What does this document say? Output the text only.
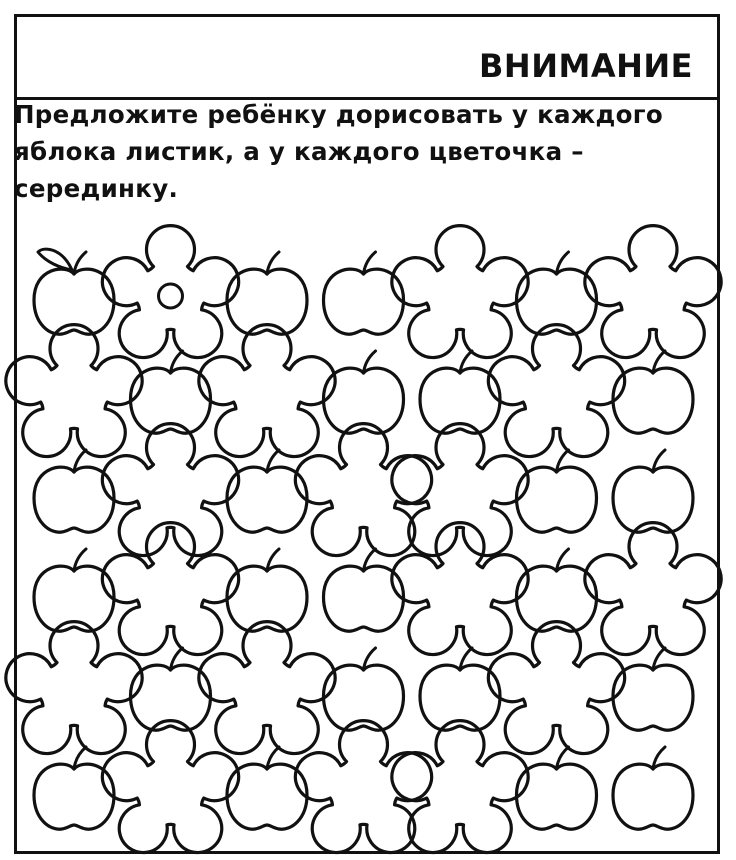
ВНИМАНИЕ
Предложите ребёнку дорисовать у каждого
яблока листик, а у каждого цветочка –
серединку.
